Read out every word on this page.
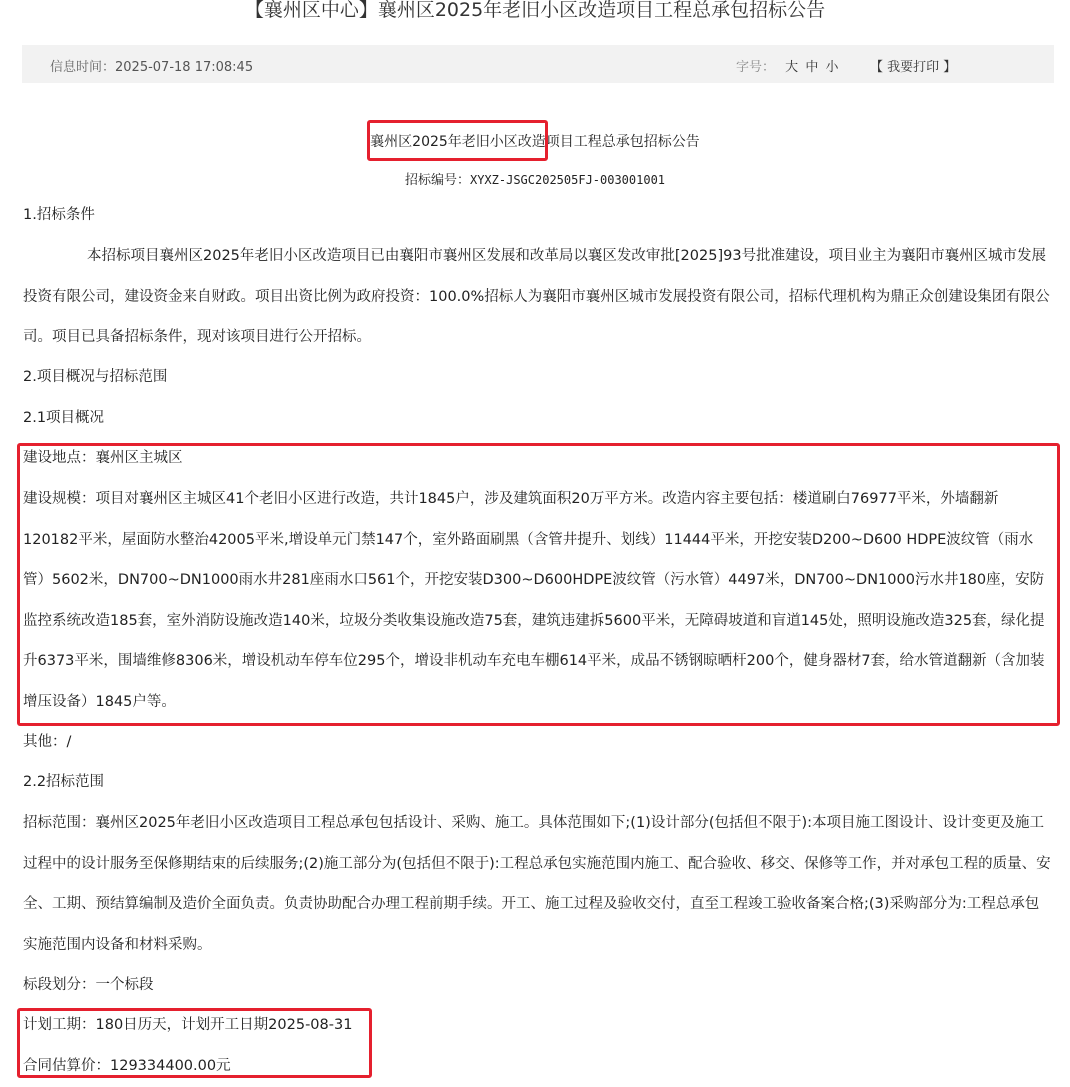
【襄州区中心】襄州区2025年老旧小区改造项目工程总承包招标公告
信息时间：2025-07-18 17:08:45	字号： 大 中 小 【 我要打印 】
襄州区2025年老旧小区改造项目工程总承包招标公告
招标编号：XYXZ-JSGC202505FJ-003001001

1.招标条件

本招标项目襄州区2025年老旧小区改造项目已由襄阳市襄州区发展和改革局以襄区发改审批[2025]93号批准建设，项目业主为襄阳市襄州区城市发展投资有限公司，建设资金来自财政。项目出资比例为政府投资：100.0%招标人为襄阳市襄州区城市发展投资有限公司，招标代理机构为鼎正众创建设集团有限公司。项目已具备招标条件，现对该项目进行公开招标。

2.项目概况与招标范围

2.1项目概况

建设地点：襄州区主城区

建设规模：项目对襄州区主城区41个老旧小区进行改造，共计1845户，涉及建筑面积20万平方米。改造内容主要包括：楼道刷白76977平米，外墙翻新120182平米，屋面防水整治42005平米,增设单元门禁147个，室外路面刷黑（含管井提升、划线）11444平米，开挖安装D200~D600 HDPE波纹管（雨水管）5602米，DN700~DN1000雨水井281座雨水口561个，开挖安装D300~D600HDPE波纹管（污水管）4497米，DN700~DN1000污水井180座，安防监控系统改造185套，室外消防设施改造140米，垃圾分类收集设施改造75套，建筑违建拆5600平米，无障碍坡道和盲道145处，照明设施改造325套，绿化提升6373平米，围墙维修8306米，增设机动车停车位295个，增设非机动车充电车棚614平米，成品不锈钢晾晒杆200个，健身器材7套，给水管道翻新（含加装增压设备）1845户等。

其他：/

2.2招标范围

招标范围：襄州区2025年老旧小区改造项目工程总承包包括设计、采购、施工。具体范围如下;(1)设计部分(包括但不限于):本项目施工图设计、设计变更及施工过程中的设计服务至保修期结束的后续服务;(2)施工部分为(包括但不限于):工程总承包实施范围内施工、配合验收、移交、保修等工作，并对承包工程的质量、安全、工期、预结算编制及造价全面负责。负责协助配合办理工程前期手续。开工、施工过程及验收交付，直至工程竣工验收备案合格;(3)采购部分为:工程总承包实施范围内设备和材料采购。

标段划分：一个标段

计划工期：180日历天，计划开工日期2025-08-31

合同估算价：129334400.00元
